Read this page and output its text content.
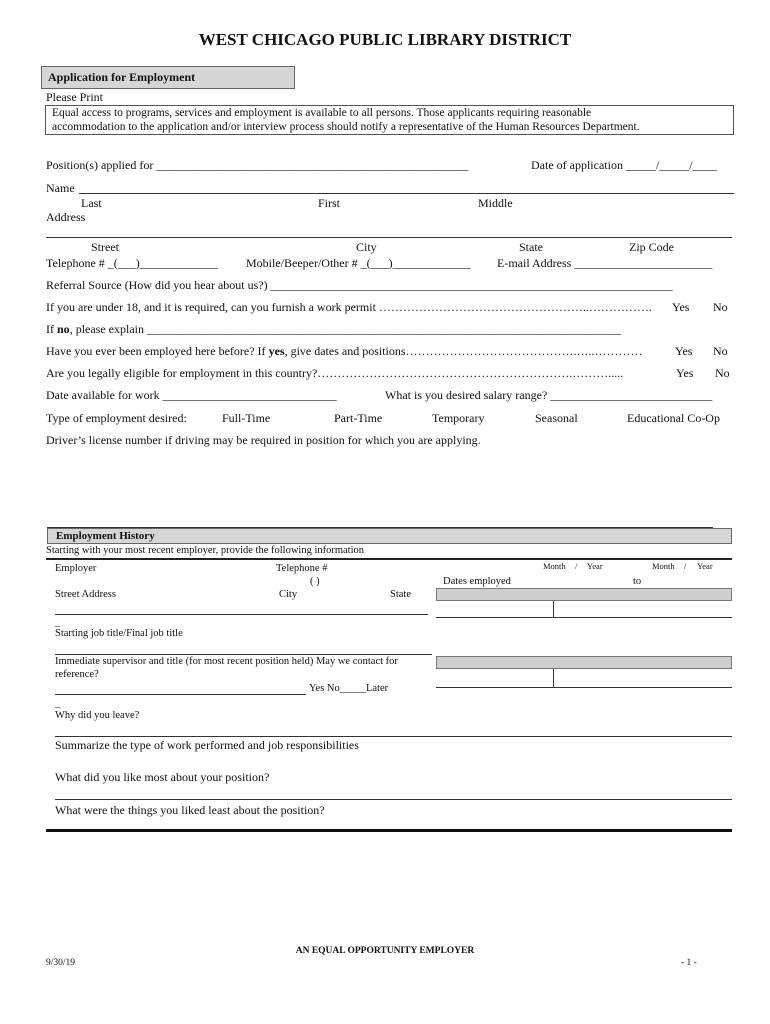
WEST CHICAGO PUBLIC LIBRARY DISTRICT
Application for Employment
Please Print
Equal access to programs, services and employment is available to all persons. Those applicants requiring reasonable
accommodation to the application and/or interview process should notify a representative of the Human Resources Department.
Position(s) applied for ____________________________________________________	Date of application _____/_____/____
Name
Last	First	Middle
Address
Street	City	State	Zip Code
Telephone # _(___)_____________ Mobile/Beeper/Other # _(___)_____________ E-mail Address _______________________
Referral Source (How did you hear about us?) ___________________________________________________________________
If you are under 18, and it is required, can you furnish a work permit ……………………………………………..……………. Yes No
If no, please explain _______________________________________________________________________________
Have you ever been employed here before? If yes, give dates and positions…………………………………….…..…………	Yes No
Are you legally eligible for employment in this country?……………………………………………………….……….....	Yes No
Date available for work _____________________________	What is you desired salary range? ___________________________
Type of employment desired:	Full-Time	Part-Time	Temporary	Seasonal	Educational Co-Op
Driver’s license number if driving may be required in position for which you are applying.
Employment History
Starting with your most recent employer, provide the following information
Employer	Telephone #
( )
Month / Year	Month / Year
Dates employed	to
Street Address	City	State
_
Starting job title/Final job title
Immediate supervisor and title (for most recent position held) May we contact for
reference?
Yes No_____Later
_
Why did you leave?
Summarize the type of work performed and job responsibilities
What did you like most about your position?
What were the things you liked least about the position?
AN EQUAL OPPORTUNITY EMPLOYER
9/30/19	- 1 -
